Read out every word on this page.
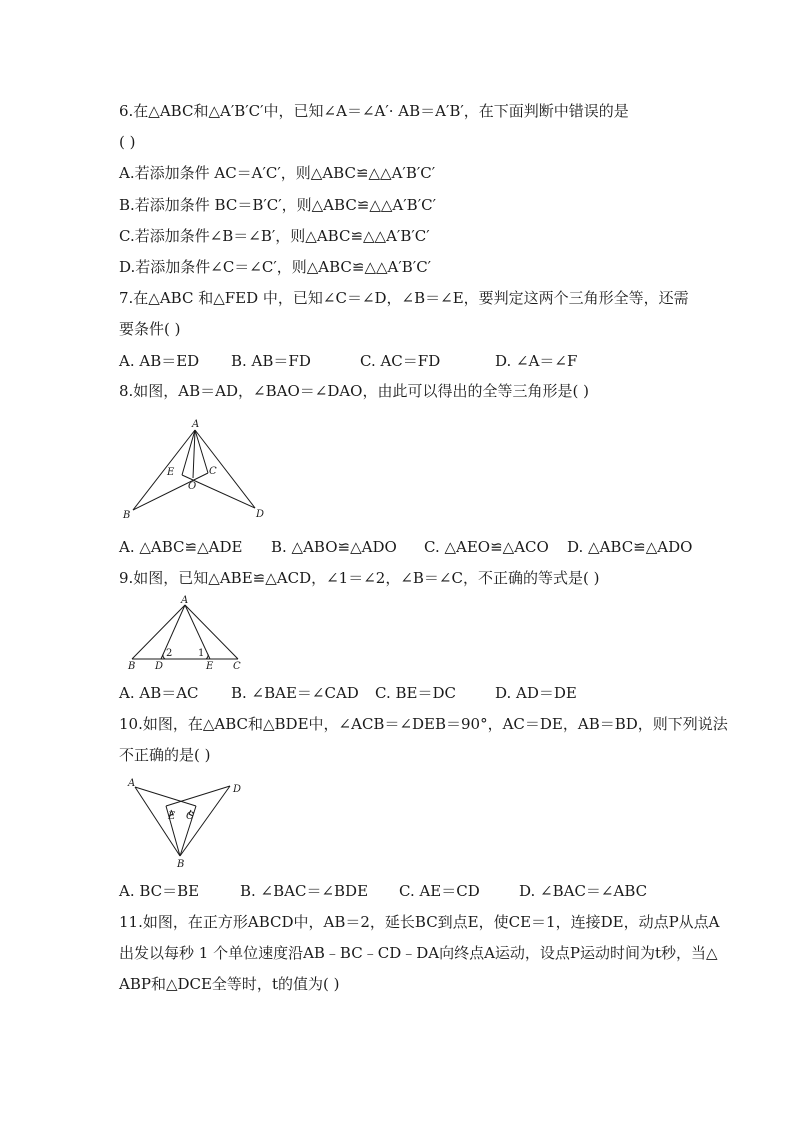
6.在△ABC和△A′B′C′中，已知∠A＝∠A′· AB＝A′B′，在下面判断中错误的是
( )
A.若添加条件 AC＝A′C′，则△ABC≌△△A′B′C′
B.若添加条件 BC＝B′C′，则△ABC≌△△A′B′C′
C.若添加条件∠B＝∠B′，则△ABC≌△△A′B′C′
D.若添加条件∠C＝∠C′，则△ABC≌△△A′B′C′
7.在△ABC 和△FED 中，已知∠C＝∠D，∠B＝∠E，要判定这两个三角形全等，还需
要条件( )
A. AB＝ED B. AB＝FD	C. AC＝FD	D. ∠A＝∠F
8.如图，AB＝AD，∠BAO＝∠DAO，由此可以得出的全等三角形是( )
A
E	C
O
B	D
A. △ABC≌△ADE B. △ABO≌△ADO C. △AEO≌△ACO D. △ABC≌△ADO
9.如图，已知△ABE≌△ACD，∠1＝∠2，∠B＝∠C，不正确的等式是( )
A
B D
2	1
E C
A. AB＝AC B. ∠BAE＝∠CAD C. BE＝DC	D. AD＝DE
10.如图，在△ABC和△BDE中，∠ACB＝∠DEB＝90°，AC＝DE，AB＝BD，则下列说法
不正确的是( )
A
D
E C
B
A. BC＝BE	B. ∠BAC＝∠BDE C. AE＝CD	D. ∠BAC＝∠ABC
11.如图，在正方形ABCD中，AB＝2，延长BC到点E，使CE＝1，连接DE，动点P从点A
出发以每秒 1 个单位速度沿AB﹣BC﹣CD﹣DA向终点A运动，设点P运动时间为t秒，当△
ABP和△DCE全等时，t的值为( )
